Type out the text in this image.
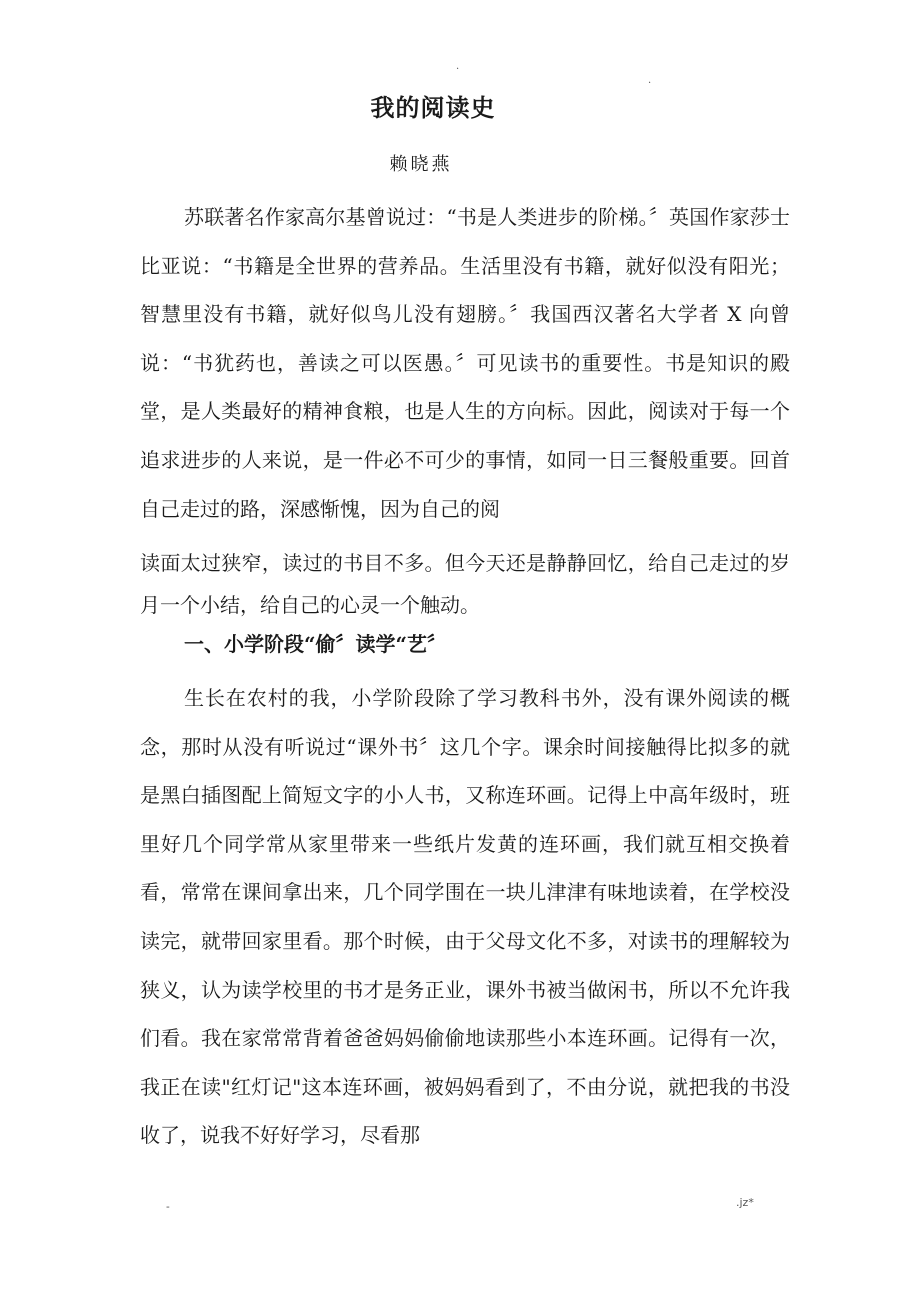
.
.
我的阅读史
赖晓燕

苏联著名作家高尔基曾说过：“书是人类进步的阶梯。〞英国作家莎士比亚说：“书籍是全世界的营养品。生活里没有书籍，就好似没有阳光；智慧里没有书籍，就好似鸟儿没有翅膀。〞我国西汉著名大学者 X 向曾说：“书犹药也，善读之可以医愚。〞可见读书的重要性。书是知识的殿堂，是人类最好的精神食粮，也是人生的方向标。因此，阅读对于每一个追求进步的人来说，是一件必不可少的事情，如同一日三餐般重要。回首自己走过的路，深感惭愧，因为自己的阅

读面太过狭窄，读过的书目不多。但今天还是静静回忆，给自己走过的岁月一个小结，给自己的心灵一个触动。

一、小学阶段“偷〞读学“艺〞

生长在农村的我，小学阶段除了学习教科书外，没有课外阅读的概念，那时从没有听说过“课外书〞这几个字。课余时间接触得比拟多的就是黑白插图配上简短文字的小人书，又称连环画。记得上中高年级时，班里好几个同学常从家里带来一些纸片发黄的连环画，我们就互相交换着看，常常在课间拿出来，几个同学围在一块儿津津有味地读着，在学校没读完，就带回家里看。那个时候，由于父母文化不多，对读书的理解较为狭义，认为读学校里的书才是务正业，课外书被当做闲书，所以不允许我们看。我在家常常背着爸爸妈妈偷偷地读那些小本连环画。记得有一次，我正在读"红灯记"这本连环画，被妈妈看到了，不由分说，就把我的书没收了，说我不好好学习，尽看那

-	.jz*
